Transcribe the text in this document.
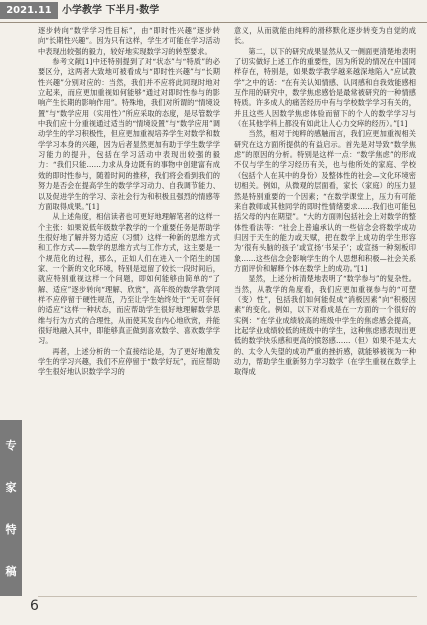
2021.11	小学教学 下半月·数学

逐步转向“数学学习性目标”，由“即时性兴趣”逐步转向“长期性兴趣”。因为只有这样，学生才可能在学习活动中表现出较强的毅力，较好地实现数学习的转型要求。

参考文献[1]中还特别提到了对“状态”与“特质”的必要区分，这两者大致地可被看成与“即时性兴趣”与“长期性兴趣”分别对应的：当然，我们并不应将此同现时地对立起来，而应更加重视如何能够“通过对即时性参与的影响产生长期的影响作用”。特殊地，我们对所谓的“情境设置”与“数学应用（实用性）”所应采取的态度，是尽管数学中我们应十分重视通过适当的“情境设置”与“数学应用”调动学生的学习积极性，但应更加重视培养学生对数学和数学学习本身的兴趣，因为后者显然更加有助于学生数学学习能力的提升，包括在学习活动中表现出较强的毅力：“我们只能……力求从身边既有的事物中创建富有成效的即时性参与，随着时间的推移，我们将会看到我们的努力是否会在提高学生的数学学习动力、自我调节能力、以及促进学生的学习、亲社会行为和积极且强烈的情感等方面取得成果。”[1]

从上述角度，相信读者也可更好地理解笔者的这样一个主张：如果说低年级数学教学的一个重要任务是帮助学生很好地了解并努力适应（习惯）这样一种新的思维方式和工作方式——数学的思维方式与工作方式，这主要是一个规范化的过程，那么，正如人们在进入一个陌生的国家、一个新的文化环境，特别是逗留了较长一段时间后，就应特别重视这样一个问题，即如何能够由简单的“了解、适应”逐步转向“理解、欣赏”，高年级的数学教学同样不应停留于硬性规范，乃至让学生始终处于“无可奈何的适应”这样一种状态，而应帮助学生很好地理解数学思维与行为方式的合理性，从而使其发自内心地欣赏，并能很好地融入其中，即能够真正做到喜欢数学、喜欢数学学习。

再者，上述分析的一个直接结论是，为了更好地激发学生的学习兴趣，我们不应停留于“数学好玩”，而应帮助学生很好地认识数学学习的

意义，从而就能由纯粹的滑移默化逐步转变为自觉的成长。

第二，以下的研究成果显然从又一侧面更清楚地表明了切实做好上述工作的重要性，因为所说的情况在中国同样存在，特别是，如果数学教学越来越深地陷入“应试教学”之中的话：“在有关认知情感、认同感和自我效能感相互作用的研究中，数学焦虑感恰是最常被研究的一种情感特质。许多成人的痛苦经历中有与学校数学学习有关的，并且这些人因数学焦虑体验而留下的个人的数学学习与（在其他学科上都没有如此让人心力交瘁的经历）。”[1]

当然，相对于纯粹的感触而言，我们应更加重视相关研究在这方面所提供的有益启示。首先是对导致“数学焦虑”的原因的分析。特别是这样一点：“数学焦虑”的形成不仅与学生的学习经历有关，也与他所处的家庭、学校（包括个人在其中的身份）及整体性的社会—文化环境密切相关。例如，从微观的层面看，家长（家庭）的压力显然是特别重要的一个因素；“在数学课堂上，压力有可能来自教师或其他同学的即时性情绪要求……我们也可能包括父母的内在期望”。“大的方面则包括社会上对数学的整体性看法等：“社会上普遍承认的一些信念会将数学成功归因于天生的能力或天赋，把在数学上成功的学生形容为‘很有头脑的孩子’或宣扬‘书呆子’；或宣扬一种刻板印象……这些信念会影响学生的个人思想和积极—社会关系方面评价和解释个体在数学上的成功。”[1]

显然，上述分析清楚地表明了“数学参与”的复杂性。当然，从教学的角度看，我们应更加重视参与的“可塑（变）性”，包括我们如何能促成“消极因素”向“积极因素”的变化。例如，以下对看成是在一方面的一个很好的实例：“在学业成绩较高的班级中学生的焦虑感会提高，比起学业成绩较低的班级中的学生，这种焦虑感表现出更低的数学快乐感和更高的愤怒感……（但）如果不是太大的、太令人失望的成功严重的挫折感，就能够被视为一种动力，帮助学生重新努力学习数学（在学生重视在数学上取得成

专
家
特
稿
6
